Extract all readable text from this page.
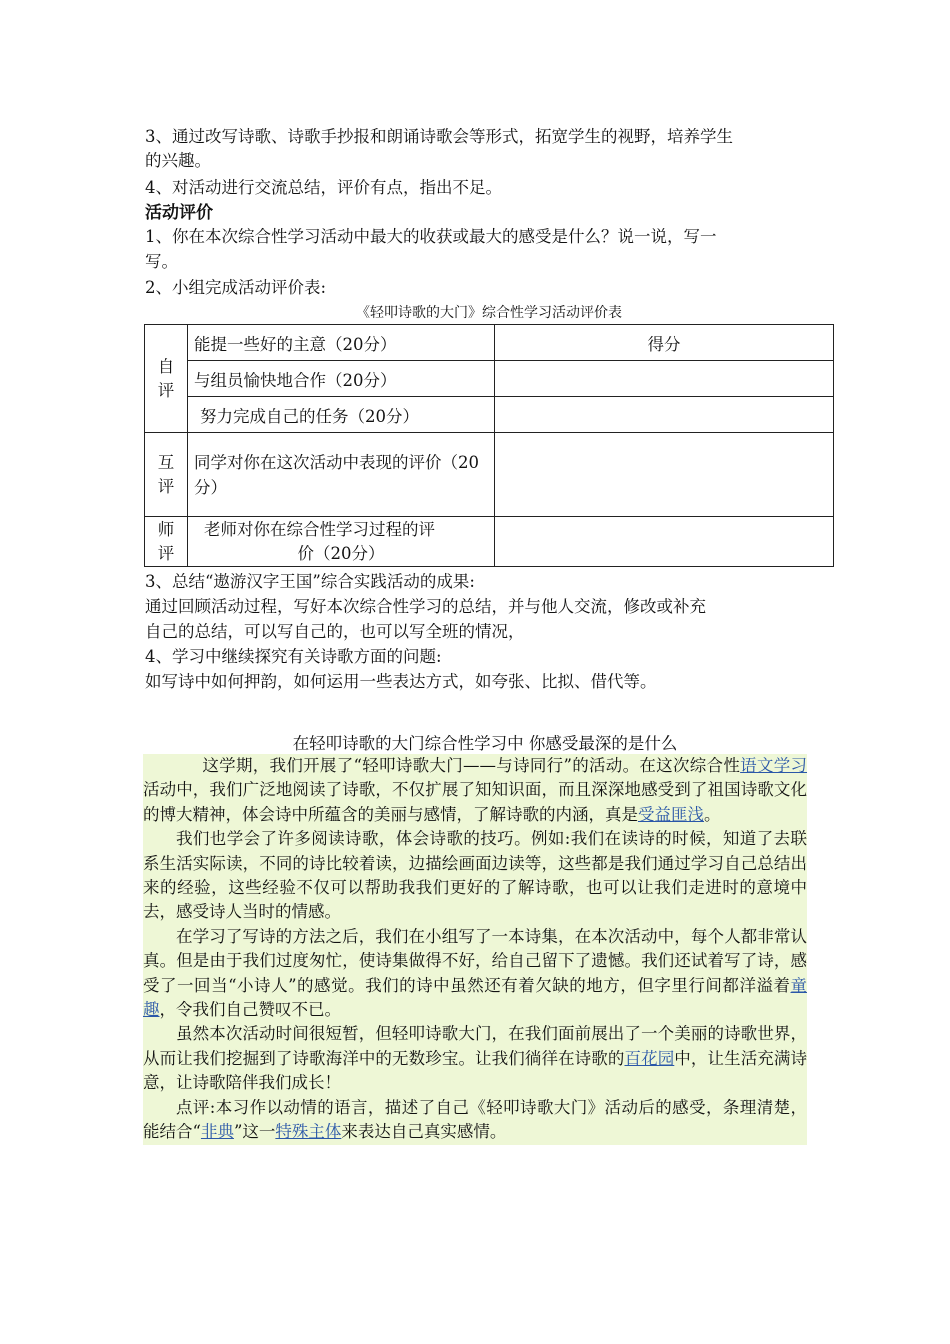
3、通过改写诗歌、诗歌手抄报和朗诵诗歌会等形式，拓宽学生的视野，培养学生
的兴趣。
4、对活动进行交流总结，评价有点，指出不足。
活动评价
1、你在本次综合性学习活动中最大的收获或最大的感受是什么？说一说，写一
写。
2、小组完成活动评价表:
《轻叩诗歌的大门》综合性学习活动评价表
自评	能提一些好的主意（20分）	得分
	与组员愉快地合作（20分）	
	努力完成自己的任务（20分）	
互评	同学对你在这次活动中表现的评价（20分）	
师评	老师对你在综合性学习过程的评
价（20分）	

3、总结“遨游汉字王国”综合实践活动的成果:
通过回顾活动过程，写好本次综合性学习的总结，并与他人交流，修改或补充
自己的总结，可以写自己的，也可以写全班的情况，
4、学习中继续探究有关诗歌方面的问题:
如写诗中如何押韵，如何运用一些表达方式，如夸张、比拟、借代等。
在轻叩诗歌的大门综合性学习中 你感受最深的是什么

这学期，我们开展了“轻叩诗歌大门——与诗同行”的活动。在这次综合性语文学习活动中，我们广泛地阅读了诗歌，不仅扩展了知知识面，而且深深地感受到了祖国诗歌文化的博大精神，体会诗中所蕴含的美丽与感情，了解诗歌的内涵，真是受益匪浅。

我们也学会了许多阅读诗歌，体会诗歌的技巧。例如:我们在读诗的时候，知道了去联系生活实际读，不同的诗比较着读，边描绘画面边读等，这些都是我们通过学习自己总结出来的经验，这些经验不仅可以帮助我我们更好的了解诗歌，也可以让我们走进时的意境中去，感受诗人当时的情感。

在学习了写诗的方法之后，我们在小组写了一本诗集，在本次活动中，每个人都非常认真。但是由于我们过度匆忙，使诗集做得不好，给自己留下了遗憾。我们还试着写了诗，感受了一回当“小诗人”的感觉。我们的诗中虽然还有着欠缺的地方，但字里行间都洋溢着童趣，令我们自己赞叹不已。

虽然本次活动时间很短暂，但轻叩诗歌大门，在我们面前展出了一个美丽的诗歌世界，从而让我们挖掘到了诗歌海洋中的无数珍宝。让我们徜徉在诗歌的百花园中，让生活充满诗意，让诗歌陪伴我们成长！

点评:本习作以动情的语言，描述了自己《轻叩诗歌大门》活动后的感受，条理清楚，能结合“非典”这一特殊主体来表达自己真实感情。
